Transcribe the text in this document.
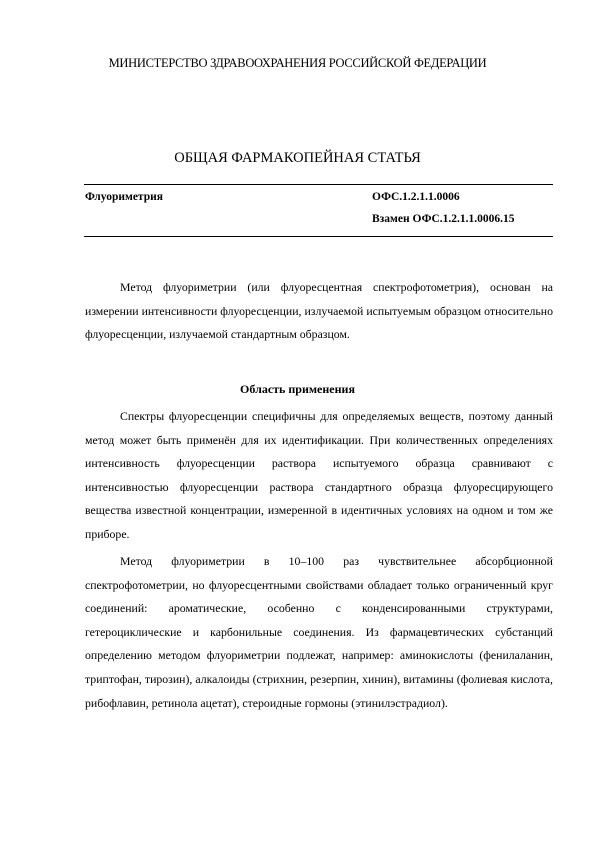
МИНИСТЕРСТВО ЗДРАВООХРАНЕНИЯ РОССИЙСКОЙ ФЕДЕРАЦИИ
ОБЩАЯ ФАРМАКОПЕЙНАЯ СТАТЬЯ
Флуориметрия	ОФС.1.2.1.1.0006
Взамен ОФС.1.2.1.1.0006.15

Метод флуориметрии (или флуоресцентная спектрофотометрия), основан на измерении интенсивности флуоресценции, излучаемой испытуемым образцом относительно флуоресценции, излучаемой стандартным образцом.

Область применения

Спектры флуоресценции специфичны для определяемых веществ, поэтому данный метод может быть применён для их идентификации. При количественных определениях интенсивность флуоресценции раствора испытуемого образца сравнивают с интенсивностью флуоресценции раствора стандартного образца флуоресцирующего вещества известной концентрации, измеренной в идентичных условиях на одном и том же приборе.

Метод флуориметрии в 10–100 раз чувствительнее абсорбционной спектрофотометрии, но флуоресцентными свойствами обладает только ограниченный круг соединений: ароматические, особенно с конденсированными структурами, гетероциклические и карбонильные соединения. Из фармацевтических субстанций определению методом флуориметрии подлежат, например: аминокислоты (фенилаланин, триптофан, тирозин), алкалоиды (стрихнин, резерпин, хинин), витамины (фолиевая кислота, рибофлавин, ретинола ацетат), стероидные гормоны (этинилэстрадиол).
